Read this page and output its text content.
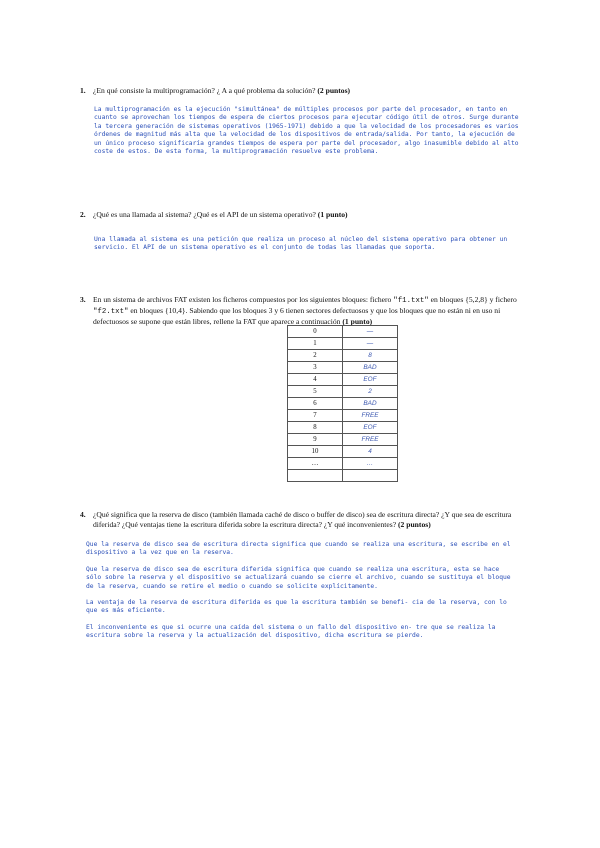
1. ¿En qué consiste la multiprogramación? ¿ A a qué problema da solución? (2 puntos)
La multiprogramación es la ejecución "simultánea" de múltiples procesos por parte del procesador, en tanto en cuanto se aprovechan los tiempos de espera de ciertos procesos para ejecutar código útil de otros. Surge durante la tercera generación de sistemas operativos (1965-1971) debido a que la velocidad de los procesadores es varios órdenes de magnitud más alta que la velocidad de los dispositivos de entrada/salida. Por tanto, la ejecución de un único proceso significaría grandes tiempos de espera por parte del procesador, algo inasumible debido al alto coste de estos. De esta forma, la multiprogramación resuelve este problema.
2. ¿Qué es una llamada al sistema? ¿Qué es el API de un sistema operativo? (1 punto)
Una llamada al sistema es una petición que realiza un proceso al núcleo del sistema operativo para obtener un servicio. El API de un sistema operativo es el conjunto de todas las llamadas que soporta.
3. En un sistema de archivos FAT existen los ficheros compuestos por los siguientes bloques: fichero "f1.txt" en bloques {5,2,8} y fichero "f2.txt" en bloques {10,4}. Sabiendo que los bloques 3 y 6 tienen sectores defectuosos y que los bloques que no están ni en uso ni defectuosos se supone que están libres, rellene la FAT que aparece a continuación (1 punto)
0	—
1	—
2	8
3	BAD
4	EOF
5	2
6	BAD
7	FREE
8	EOF
9	FREE
10	4
…	…

4. ¿Qué significa que la reserva de disco (también llamada caché de disco o buffer de disco) sea de escritura directa? ¿Y que sea de escritura diferida? ¿Qué ventajas tiene la escritura diferida sobre la escritura directa? ¿Y qué inconvenientes? (2 puntos)

Que la reserva de disco sea de escritura directa significa que cuando se realiza una escritura, se escribe en el dispositivo a la vez que en la reserva.

Que la reserva de disco sea de escritura diferida significa que cuando se realiza una escritura, esta se hace sólo sobre la reserva y el dispositivo se actualizará cuando se cierre el archivo, cuando se sustituya el bloque de la reserva, cuando se retire el medio o cuando se solicite explícitamente.

La ventaja de la reserva de escritura diferida es que la escritura también se benefi- cia de la reserva, con lo que es más eficiente.

El inconveniente es que si ocurre una caída del sistema o un fallo del dispositivo en- tre que se realiza la escritura sobre la reserva y la actualización del dispositivo, dicha escritura se pierde.
